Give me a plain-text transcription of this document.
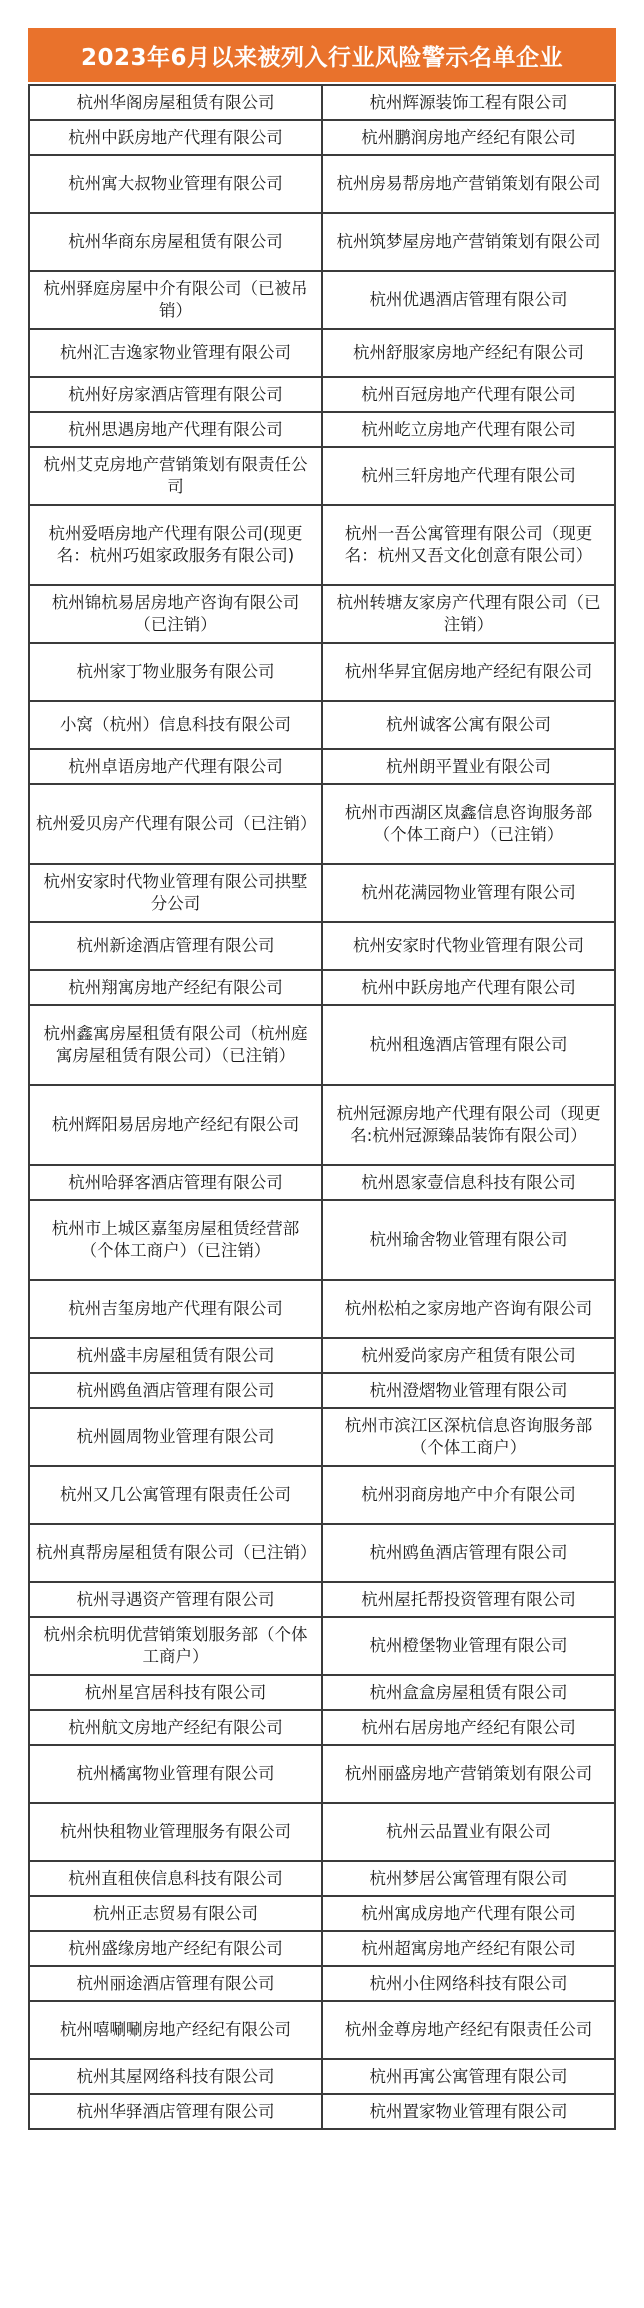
2023年6月以来被列入行业风险警示名单企业
杭州华阁房屋租赁有限公司	杭州辉源装饰工程有限公司
杭州中跃房地产代理有限公司	杭州鹏润房地产经纪有限公司
杭州寓大叔物业管理有限公司	杭州房易帮房地产营销策划有限公司
杭州华商东房屋租赁有限公司	杭州筑梦屋房地产营销策划有限公司
杭州驿庭房屋中介有限公司（已被吊销）	杭州优遇酒店管理有限公司
杭州汇吉逸家物业管理有限公司	杭州舒服家房地产经纪有限公司
杭州好房家酒店管理有限公司	杭州百冠房地产代理有限公司
杭州思遇房地产代理有限公司	杭州屹立房地产代理有限公司
杭州艾克房地产营销策划有限责任公司	杭州三轩房地产代理有限公司
杭州爱唔房地产代理有限公司(现更名：杭州巧姐家政服务有限公司)	杭州一吾公寓管理有限公司（现更名：杭州又吾文化创意有限公司）
杭州锦杭易居房地产咨询有限公司（已注销）	杭州转塘友家房产代理有限公司（已注销）
杭州家丁物业服务有限公司	杭州华昇宜倨房地产经纪有限公司
小窝（杭州）信息科技有限公司	杭州诚客公寓有限公司
杭州卓语房地产代理有限公司	杭州朗平置业有限公司
杭州爱贝房产代理有限公司（已注销）	杭州市西湖区岚鑫信息咨询服务部（个体工商户）（已注销）
杭州安家时代物业管理有限公司拱墅分公司	杭州花满园物业管理有限公司
杭州新途酒店管理有限公司	杭州安家时代物业管理有限公司
杭州翔寓房地产经纪有限公司	杭州中跃房地产代理有限公司
杭州鑫寓房屋租赁有限公司（杭州庭寓房屋租赁有限公司）（已注销）	杭州租逸酒店管理有限公司
杭州辉阳易居房地产经纪有限公司	杭州冠源房地产代理有限公司（现更名:杭州冠源臻品装饰有限公司）
杭州哈驿客酒店管理有限公司	杭州恩家壹信息科技有限公司
杭州市上城区嘉玺房屋租赁经营部（个体工商户）（已注销）	杭州瑜舍物业管理有限公司
杭州吉玺房地产代理有限公司	杭州松柏之家房地产咨询有限公司
杭州盛丰房屋租赁有限公司	杭州爱尚家房产租赁有限公司
杭州鸥鱼酒店管理有限公司	杭州澄熠物业管理有限公司
杭州圆周物业管理有限公司	杭州市滨江区深杭信息咨询服务部（个体工商户）
杭州又几公寓管理有限责任公司	杭州羽商房地产中介有限公司
杭州真帮房屋租赁有限公司（已注销）	杭州鸥鱼酒店管理有限公司
杭州寻遇资产管理有限公司	杭州屋托帮投资管理有限公司
杭州余杭明优营销策划服务部（个体工商户）	杭州橙堡物业管理有限公司
杭州星宫居科技有限公司	杭州盒盒房屋租赁有限公司
杭州航文房地产经纪有限公司	杭州右居房地产经纪有限公司
杭州橘寓物业管理有限公司	杭州丽盛房地产营销策划有限公司
杭州快租物业管理服务有限公司	杭州云品置业有限公司
杭州直租侠信息科技有限公司	杭州梦居公寓管理有限公司
杭州正志贸易有限公司	杭州寓成房地产代理有限公司
杭州盛缘房地产经纪有限公司	杭州超寓房地产经纪有限公司
杭州丽途酒店管理有限公司	杭州小住网络科技有限公司
杭州嘻唰唰房地产经纪有限公司	杭州金尊房地产经纪有限责任公司
杭州其屋网络科技有限公司	杭州再寓公寓管理有限公司
杭州华驿酒店管理有限公司	杭州置家物业管理有限公司
